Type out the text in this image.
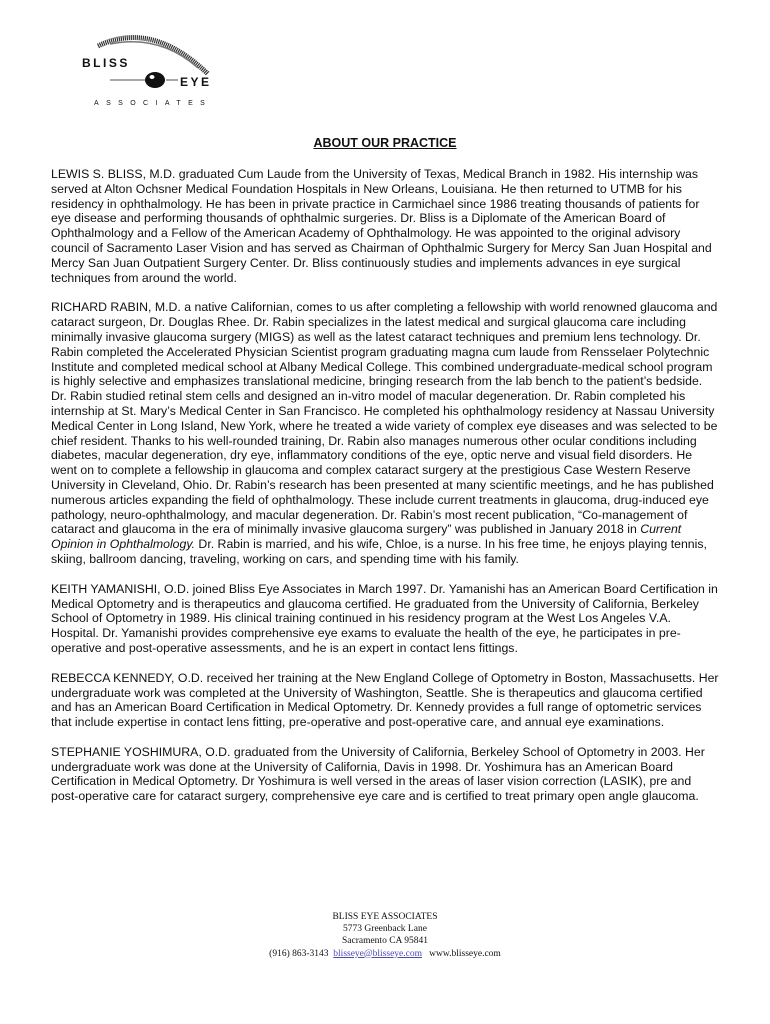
BLISS
EYE
ASSOCIATES
ABOUT OUR PRACTICE

LEWIS S. BLISS, M.D. graduated Cum Laude from the University of Texas, Medical Branch in 1982. His internship was served at Alton Ochsner Medical Foundation Hospitals in New Orleans, Louisiana. He then returned to UTMB for his residency in ophthalmology. He has been in private practice in Carmichael since 1986 treating thousands of patients for eye disease and performing thousands of ophthalmic surgeries. Dr. Bliss is a Diplomate of the American Board of Ophthalmology and a Fellow of the American Academy of Ophthalmology. He was appointed to the original advisory council of Sacramento Laser Vision and has served as Chairman of Ophthalmic Surgery for Mercy San Juan Hospital and Mercy San Juan Outpatient Surgery Center. Dr. Bliss continuously studies and implements advances in eye surgical techniques from around the world.

RICHARD RABIN, M.D. a native Californian, comes to us after completing a fellowship with world renowned glaucoma and cataract surgeon, Dr. Douglas Rhee. Dr. Rabin specializes in the latest medical and surgical glaucoma care including minimally invasive glaucoma surgery (MIGS) as well as the latest cataract techniques and premium lens technology. Dr. Rabin completed the Accelerated Physician Scientist program graduating magna cum laude from Rensselaer Polytechnic Institute and completed medical school at Albany Medical College. This combined undergraduate-medical school program is highly selective and emphasizes translational medicine, bringing research from the lab bench to the patient’s bedside. Dr. Rabin studied retinal stem cells and designed an in-vitro model of macular degeneration. Dr. Rabin completed his internship at St. Mary’s Medical Center in San Francisco. He completed his ophthalmology residency at Nassau University Medical Center in Long Island, New York, where he treated a wide variety of complex eye diseases and was selected to be chief resident. Thanks to his well-rounded training, Dr. Rabin also manages numerous other ocular conditions including diabetes, macular degeneration, dry eye, inflammatory conditions of the eye, optic nerve and visual field disorders. He went on to complete a fellowship in glaucoma and complex cataract surgery at the prestigious Case Western Reserve University in Cleveland, Ohio. Dr. Rabin’s research has been presented at many scientific meetings, and he has published numerous articles expanding the field of ophthalmology. These include current treatments in glaucoma, drug-induced eye pathology, neuro-ophthalmology, and macular degeneration. Dr. Rabin’s most recent publication, “Co-management of cataract and glaucoma in the era of minimally invasive glaucoma surgery” was published in January 2018 in Current Opinion in Ophthalmology. Dr. Rabin is married, and his wife, Chloe, is a nurse. In his free time, he enjoys playing tennis, skiing, ballroom dancing, traveling, working on cars, and spending time with his family.

KEITH YAMANISHI, O.D. joined Bliss Eye Associates in March 1997. Dr. Yamanishi has an American Board Certification in Medical Optometry and is therapeutics and glaucoma certified. He graduated from the University of California, Berkeley School of Optometry in 1989. His clinical training continued in his residency program at the West Los Angeles V.A. Hospital. Dr. Yamanishi provides comprehensive eye exams to evaluate the health of the eye, he participates in pre-operative and post-operative assessments, and he is an expert in contact lens fittings.

REBECCA KENNEDY, O.D. received her training at the New England College of Optometry in Boston, Massachusetts. Her undergraduate work was completed at the University of Washington, Seattle. She is therapeutics and glaucoma certified and has an American Board Certification in Medical Optometry. Dr. Kennedy provides a full range of optometric services that include expertise in contact lens fitting, pre-operative and post-operative care, and annual eye examinations.

STEPHANIE YOSHIMURA, O.D. graduated from the University of California, Berkeley School of Optometry in 2003. Her undergraduate work was done at the University of California, Davis in 1998. Dr. Yoshimura has an American Board Certification in Medical Optometry. Dr Yoshimura is well versed in the areas of laser vision correction (LASIK), pre and post-operative care for cataract surgery, comprehensive eye care and is certified to treat primary open angle glaucoma.

BLISS EYE ASSOCIATES
5773 Greenback Lane
Sacramento CA 95841
(916) 863-3143 blisseye@blisseye.com www.blisseye.com
